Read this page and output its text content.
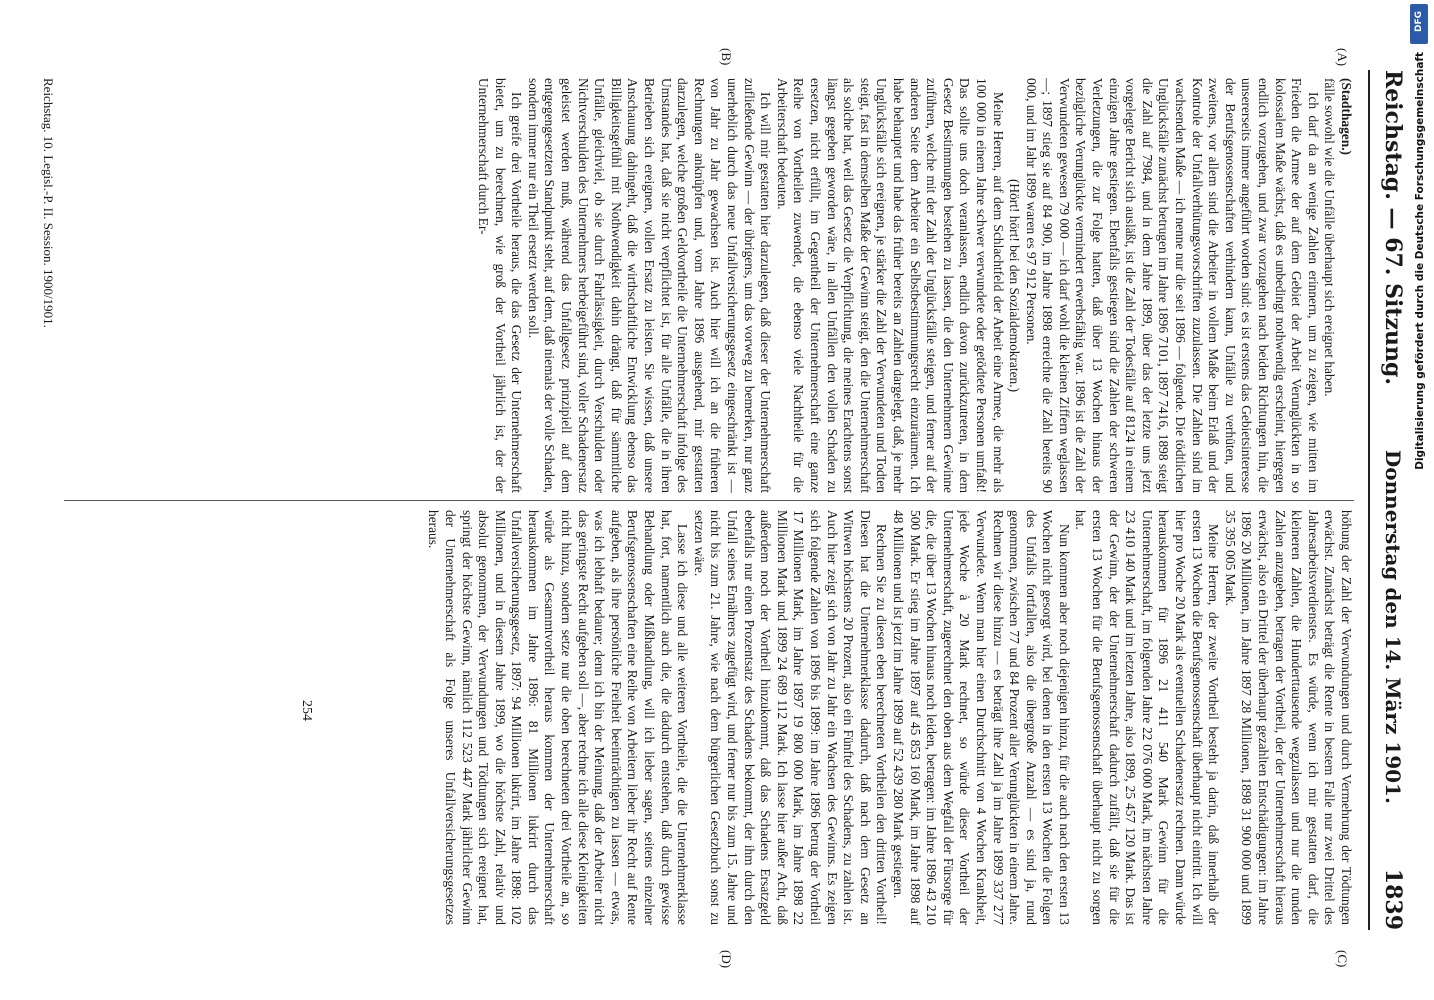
Reichstag. — 67. Sitzung.
Donnerstag den 14. März 1901.
1839
(A)
(B)
(C)
(D)

(Stadthagen.)

fälle sowohl wie die Unfälle überhaupt sich ereignet haben.

Ich darf da an wenige Zahlen erinnern, um zu zeigen, wie mitten im Frieden die Armee der auf dem Gebiet der Arbeit Verunglückten in so kolossalem Maße wächst, daß es unbedingt nothwendig erscheint, hiergegen endlich vorzugehen, und zwar vorzugehen nach beiden Richtungen hin, die unsererseits immer angeführt worden sind: es ist erstens das Gebietsinteresse der Berufsgenossenschaften verhindern kann, Unfälle zu verhüten, und zweitens, vor allem sind die Arbeiter in vollem Maße beim Erlaß und der Kontrole der Unfallverhütungsvorschriften zuzulassen. Die Zahlen sind im wachsenden Maße — ich nenne nur die seit 1896 — folgende. Die tödtlichen Unglücksfälle zunächst betrugen im Jahre 1896 7101, 1897 7416, 1898 steigt die Zahl auf 7984, und in dem Jahre 1899, über das der letzte uns jetzt vorgelegte Bericht sich ausläßt, ist die Zahl der Todesfälle auf 8124 in einem einzigen Jahre gestiegen. Ebenfalls gestiegen sind die Zahlen der schweren Verletzungen, die zur Folge hatten, daß über 13 Wochen hinaus der bezügliche Verunglückte vermindert erwerbsfähig war. 1896 ist die Zahl der Verwundeten gewesen 79 000 — ich darf wohl die kleinen Ziffern weglassen —; 1897 stieg sie auf 84 900, im Jahre 1898 erreichte die Zahl bereits 90 000, und im Jahr 1899 waren es 97 912 Personen.

(Hört! hört! bei den Sozialdemokraten.)

Meine Herren, auf dem Schlachtfeld der Arbeit eine Armee, die mehr als 100 000 in einem Jahre schwer verwundete oder getödtete Personen umfaßt! Das sollte uns doch veranlassen, endlich davon zurückzutreten, in dem Gesetz Bestimmungen bestehen zu lassen, die den Unternehmern Gewinne zuführen, welche mit der Zahl der Unglücksfälle steigen, und ferner auf der anderen Seite dem Arbeiter ein Selbstbestimmungsrecht einzuräumen. Ich habe behauptet und habe das früher bereits an Zahlen dargelegt, daß, je mehr Unglücksfälle sich ereignen, je stärker die Zahl der Verwundeten und Todten steigt, fast in demselben Maße der Gewinn steigt, den die Unternehmerschaft als solche hat, weil das Gesetz die Verpflichtung, die meines Erachtens sonst längst gegeben geworden wäre, in allen Unfällen den vollen Schaden zu ersetzen, nicht erfüllt, im Gegentheil der Unternehmerschaft eine ganze Reihe von Vortheilen zuwendet, die ebenso viele Nachtheile für die Arbeiterschaft bedeuten.

Ich will mir gestatten hier darzulegen, daß dieser der Unternehmerschaft zufließende Gewinn — der übrigens, um das vorweg zu bemerken, nur ganz unerheblich durch das neue Unfallversicherungsgesetz eingeschränkt ist — von Jahr zu Jahr gewachsen ist. Auch hier will ich an die früheren Rechnungen anknüpfen und, vom Jahre 1896 ausgehend, mir gestatten darzulegen, welche großen Geldvortheile die Unternehmerschaft infolge des Umstandes hat, daß sie nicht verpflichtet ist, für alle Unfälle, die in ihren Betrieben sich ereignen, vollen Ersatz zu leisten. Sie wissen, daß unsere Anschauung dahingeht, daß die wirthschaftliche Entwicklung ebenso das Billigkeitsgefühl mit Nothwendigkeit dahin drängt, daß für sämmtliche Unfälle, gleichviel, ob sie durch Fahrlässigkeit, durch Verschulden oder Nichtverschulden des Unternehmers herbeigeführt sind, voller Schadenersatz geleistet werden muß, während das Unfallgesetz prinzipiell auf dem entgegengesetzten Standpunkt steht, auf dem, daß niemals der volle Schaden, sondern immer nur ein Theil ersetzt werden soll.

Ich greife drei Vortheile heraus, die das Gesetz der Unternehmerschaft bietet, um zu berechnen, wie groß der Vortheil jährlich ist, der der Unternehmerschaft durch Er-

höhung der Zahl der Verwundungen und durch Vermehrung der Tödtungen erwächst. Zunächst beträgt die Rente in bestem Falle nur zwei Drittel des Jahresarbeitsverdienstes. Es würde, wenn ich mir gestatten darf, die kleineren Zahlen, die Hunderttausende wegzulassen und nur die runden Zahlen anzugeben, betragen der Vortheil, der der Unternehmerschaft hieraus erwächst, also ein Drittel der überhaupt gezahlten Entschädigungen: im Jahre 1896 20 Millionen, im Jahre 1897 28 Millionen, 1898 31 900 000 und 1899 35 395 005 Mark.

Meine Herren, der zweite Vortheil besteht ja darin, daß innerhalb der ersten 13 Wochen die Berufsgenossenschaft überhaupt nicht eintritt. Ich will hier pro Woche 20 Mark als eventuellen Schadenersatz rechnen. Dann würde herauskommen für 1896 21 411 540 Mark Gewinn für die Unternehmerschaft, im folgenden Jahre 22 076 000 Mark, im nächsten Jahre 23 410 140 Mark und im letzten Jahre, also 1899, 25 457 120 Mark. Das ist der Gewinn, der der Unternehmerschaft dadurch zufällt, daß sie für die ersten 13 Wochen für die Berufsgenossenschaft überhaupt nicht zu sorgen hat.

Nun kommen aber noch diejenigen hinzu, für die auch nach den ersten 13 Wochen nicht gesorgt wird, bei denen in den ersten 13 Wochen die Folgen des Unfalls fortfallen, also die übergroße Anzahl — es sind ja, rund genommen, zwischen 77 und 84 Prozent aller Verunglückten in einem Jahre. Rechnen wir diese hinzu — es beträgt ihre Zahl ja im Jahre 1899 337 277 Verwundete. Wenn man hier einen Durchschnitt von 4 Wochen Krankheit, jede Woche à 20 Mark rechnet, so würde dieser Vortheil der Unternehmerschaft, zugerechnet den oben aus dem Wegfall der Fürsorge für die, die über 13 Wochen hinaus noch leiden, betragen: im Jahre 1896 43 210 500 Mark. Er stieg im Jahre 1897 auf 45 853 160 Mark, im Jahre 1898 auf 48 Millionen und ist jetzt im Jahre 1899 auf 52 439 280 Mark gestiegen.

Rechnen Sie zu diesen eben berechneten Vortheilen den dritten Vortheil! Diesen hat die Unternehmerklasse dadurch, daß nach dem Gesetz an Wittwen höchstens 20 Prozent, also ein Fünftel des Schadens, zu zahlen ist. Auch hier zeigt sich von Jahr zu Jahr ein Wachsen des Gewinns. Es zeigen sich folgende Zahlen von 1896 bis 1899: im Jahre 1896 betrug der Vortheil 17 Millionen Mark, im Jahre 1897 19 800 000 Mark, im Jahre 1898 22 Millionen Mark und 1899 24 689 112 Mark. Ich lasse hier außer Acht, daß außerdem noch der Vortheil hinzukommt, daß das Schadens Ersatzgeld ebenfalls nur einen Prozentsatz des Schadens bekommt, der ihm durch den Unfall seines Ernährers zugefügt wird, und ferner nur bis zum 15. Jahre und nicht bis zum 21. Jahre, wie nach dem bürgerlichen Gesetzbuch sonst zu setzen wäre.

Lasse ich diese und alle weiteren Vortheile, die die Unternehmerklasse hat, fort, namentlich auch die, die dadurch entstehen, daß durch gewisse Behandlung oder Mißhandlung, will ich lieber sagen, seitens einzelner Berufsgenossenschaften eine Reihe von Arbeitern lieber ihr Recht auf Rente aufgeben, als ihre persönliche Freiheit beeinträchtigen zu lassen — etwas, was ich lebhaft bedaure; denn ich bin der Meinung, daß der Arbeiter nicht das geringste Recht aufgeben soll —, aber rechne ich alle diese Kleinigkeiten nicht hinzu, sondern setze nur die oben berechneten drei Vortheile an, so würde als Gesammtvortheil heraus kommen der Unternehmerschaft herauskommen im Jahre 1896: 81 Millionen lukrirt durch das Unfallversicherungsgesetz, 1897: 94 Millionen lukrirt, im Jahre 1898: 102 Millionen, und in diesem Jahre 1899, wo die höchste Zahl, relativ und absolut genommen, der Verwundungen und Tödtungen sich ereignet hat, springt der höchste Gewinn, nämlich 112 523 447 Mark jährlicher Gewinn der Unternehmerschaft als Folge unseres Unfallversicherungsgesetzes heraus.

Reichstag. 10. Legisl.-P. II. Session. 1900/1901.
254
DFG
Digitalisierung gefördert durch die Deutsche Forschungsgemeinschaft
